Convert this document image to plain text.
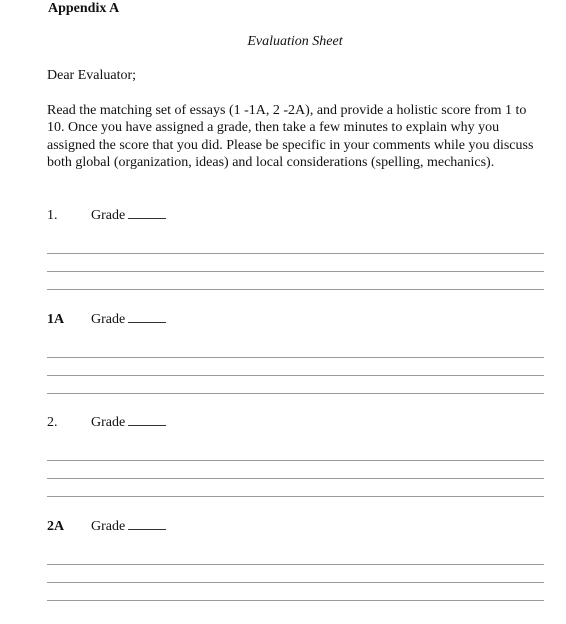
Appendix A
Evaluation Sheet
Dear Evaluator;
Read the matching set of essays (1 -1A, 2 -2A), and provide a holistic score from 1 to 10. Once you have assigned a grade, then take a few minutes to explain why you assigned the score that you did. Please be specific in your comments while you discuss both global (organization, ideas) and local considerations (spelling, mechanics).
1. Grade
1A Grade
2. Grade
2A Grade
